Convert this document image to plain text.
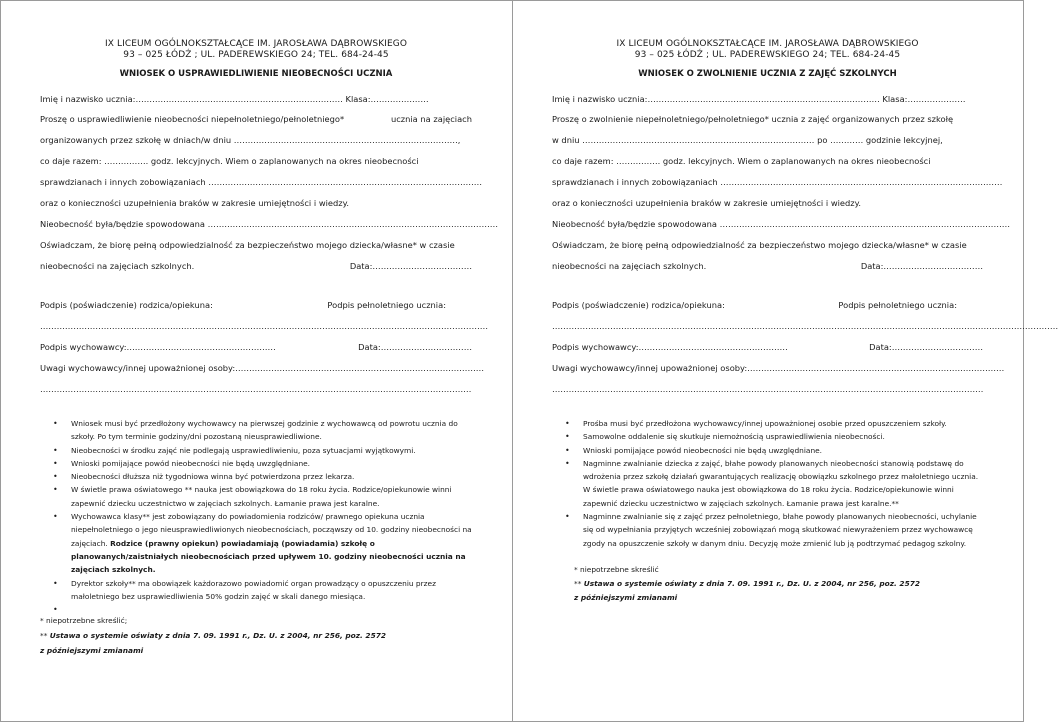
IX LICEUM OGÓLNOKSZTAŁCĄCE IM. JAROSŁAWA DĄBROWSKIEGO
93 – 025 ŁÓDŹ ; UL. PADEREWSKIEGO 24; TEL. 684-24-45
WNIOSEK O USPRAWIEDLIWIENIE NIEOBECNOŚCI UCZNIA
Imię i nazwisko ucznia:………………………………………………………………… Klasa:…………………
Proszę o usprawiedliwienie nieobecności niepełnoletniego/pełnoletniego*	ucznia na zajęciach
organizowanych przez szkołę w dniach/w dniu ………………………………………………………………………,
co daje razem: ……………. godz. lekcyjnych. Wiem o zaplanowanych na okres nieobecności
sprawdzianach i innych zobowiązaniach ………………………………………………………………………………………
oraz o konieczności uzupełnienia braków w zakresie umiejętności i wiedzy.
Nieobecność była/będzie spowodowana ……………………………………………………………………………………………
Oświadczam, że biorę pełną odpowiedzialność za bezpieczeństwo mojego dziecka/własne* w czasie
nieobecności na zajęciach szkolnych.	Data:………………………………
Podpis (poświadczenie) rodzica/opiekuna:	Podpis pełnoletniego ucznia:
………………………………………………………………… ……………………………………………………………………………
Podpis wychowawcy:………………………………………………	Data:……………………………
Uwagi wychowawcy/innej upoważnionej osoby:………………………………………………………………………………
…………………………………………………………………………………………………………………………………………
• Wniosek musi być przedłożony wychowawcy na pierwszej godzinie z wychowawcą od powrotu ucznia do szkoły. Po tym terminie godziny/dni pozostaną nieusprawiedliwione.
• Nieobecności w środku zajęć nie podlegają usprawiedliwieniu, poza sytuacjami wyjątkowymi.
• Wnioski pomijające powód nieobecności nie będą uwzględniane.
• Nieobecności dłuższa niż tygodniowa winna być potwierdzona przez lekarza.
• W świetle prawa oświatowego ** nauka jest obowiązkowa do 18 roku życia. Rodzice/opiekunowie winni zapewnić dziecku uczestnictwo w zajęciach szkolnych. Łamanie prawa jest karalne.
• Wychowawca klasy** jest zobowiązany do powiadomienia rodziców/ prawnego opiekuna ucznia niepełnoletniego o jego nieusprawiedliwionych nieobecnościach, począwszy od 10. godziny nieobecności na zajęciach. Rodzice (prawny opiekun) powiadamiają (powiadamia) szkołę o planowanych/zaistniałych nieobecnościach przed upływem 10. godziny nieobecności ucznia na zajęciach szkolnych.
• Dyrektor szkoły** ma obowiązek każdorazowo powiadomić organ prowadzący o opuszczeniu przez małoletniego bez usprawiedliwienia 50% godzin zajęć w skali danego miesiąca.
•
* niepotrzebne skreślić;
** Ustawa o systemie oświaty z dnia 7. 09. 1991 r., Dz. U. z 2004, nr 256, poz. 2572
z późniejszymi zmianami
IX LICEUM OGÓLNOKSZTAŁCĄCE IM. JAROSŁAWA DĄBROWSKIEGO
93 – 025 ŁÓDŹ ; UL. PADEREWSKIEGO 24; TEL. 684-24-45
WNIOSEK O ZWOLNIENIE UCZNIA Z ZAJĘĆ SZKOLNYCH
Imię i nazwisko ucznia:………………………………………………………………………… Klasa:…………………
Proszę o zwolnienie niepełnoletniego/pełnoletniego* ucznia z zajęć organizowanych przez szkołę
w dniu ………………………………………………………………………… po ………… godzinie lekcyjnej,
co daje razem: ……………. godz. lekcyjnych. Wiem o zaplanowanych na okres nieobecności
sprawdzianach i innych zobowiązaniach …………………………………………………………………………………………
oraz o konieczności uzupełnienia braków w zakresie umiejętności i wiedzy.
Nieobecność była/będzie spowodowana ……………………………………………………………………………………………
Oświadczam, że biorę pełną odpowiedzialność za bezpieczeństwo mojego dziecka/własne* w czasie
nieobecności na zajęciach szkolnych.	Data:………………………………
Podpis (poświadczenie) rodzica/opiekuna:	Podpis pełnoletniego ucznia:
…………………………………………………………………………… ……………………………………………………………………………………
Podpis wychowawcy:………………………………………………	Data:……………………………
Uwagi wychowawcy/innej upoważnionej osoby:…………………………………………………………………………………
…………………………………………………………………………………………………………………………………………
• Prośba musi być przedłożona wychowawcy/innej upoważnionej osobie przed opuszczeniem szkoły.
• Samowolne oddalenie się skutkuje niemożnością usprawiedliwienia nieobecności.
• Wnioski pomijające powód nieobecności nie będą uwzględniane.
• Nagminne zwalnianie dziecka z zajęć, błahe powody planowanych nieobecności stanowią podstawę do wdrożenia przez szkołę działań gwarantujących realizację obowiązku szkolnego przez małoletniego ucznia. W świetle prawa oświatowego nauka jest obowiązkowa do 18 roku życia. Rodzice/opiekunowie winni zapewnić dziecku uczestnictwo w zajęciach szkolnych. Łamanie prawa jest karalne.**
• Nagminne zwalnianie się z zajęć przez pełnoletniego, błahe powody planowanych nieobecności, uchylanie się od wypełniania przyjętych wcześniej zobowiązań mogą skutkować niewyrażeniem przez wychowawcę zgody na opuszczenie szkoły w danym dniu. Decyzję może zmienić lub ją podtrzymać pedagog szkolny.
* niepotrzebne skreślić
** Ustawa o systemie oświaty z dnia 7. 09. 1991 r., Dz. U. z 2004, nr 256, poz. 2572
z późniejszymi zmianami
